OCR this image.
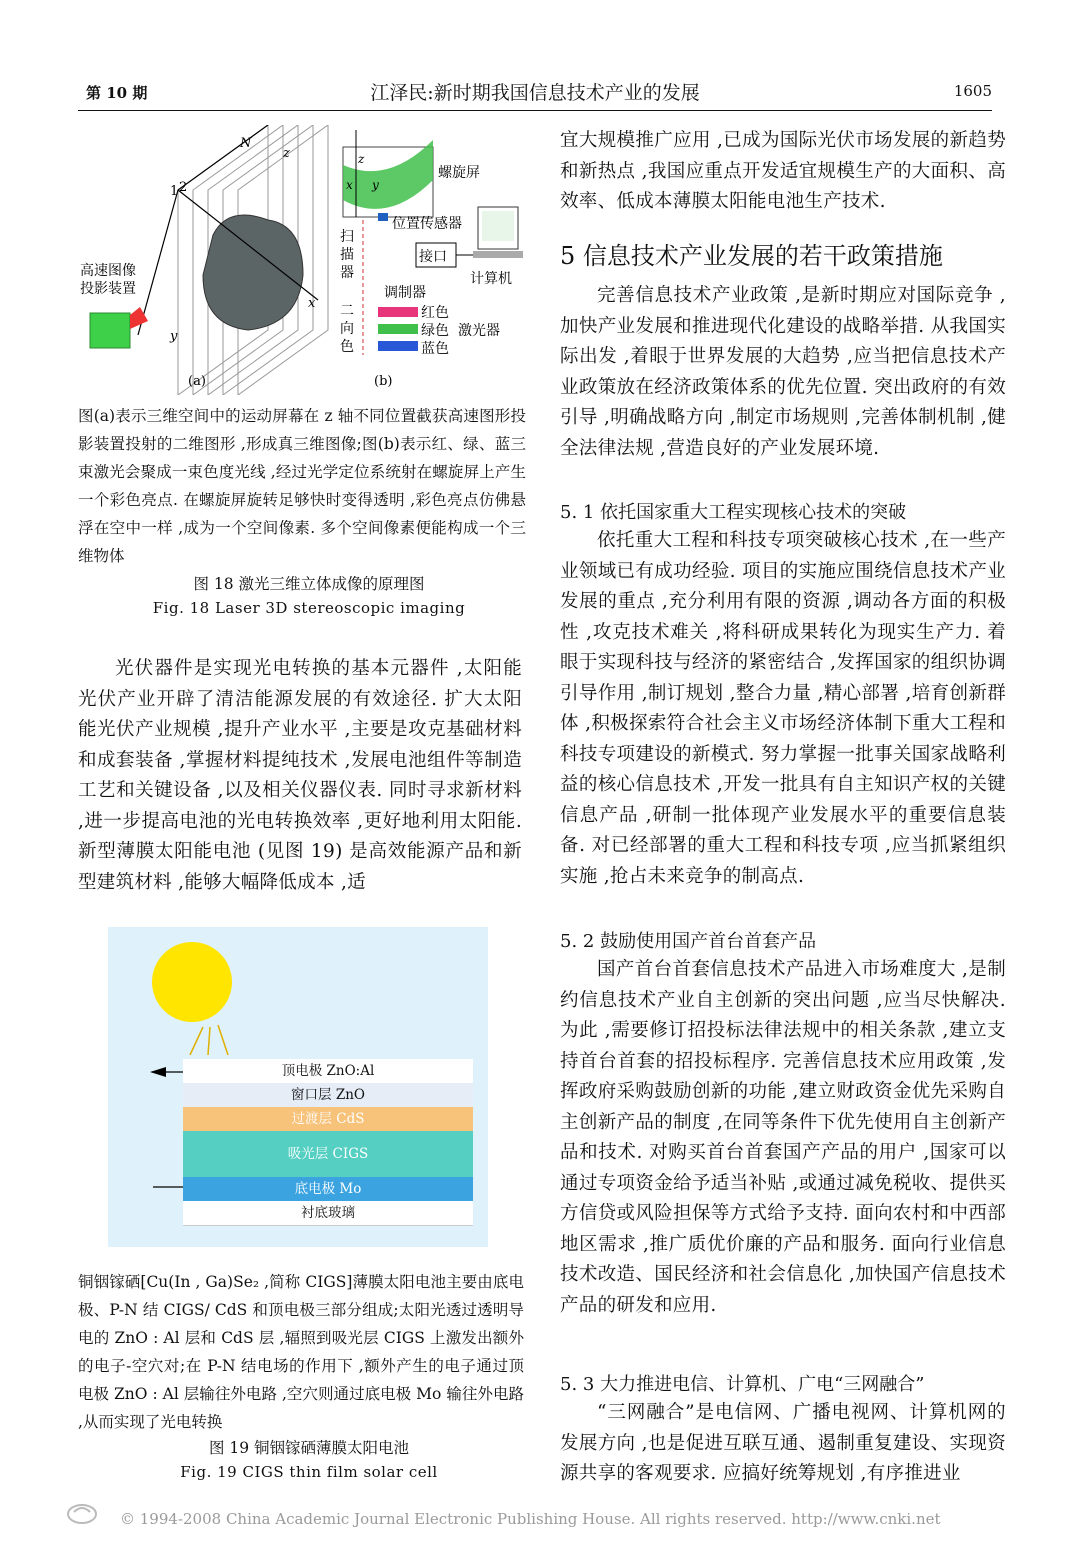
第 10 期	江泽民:新时期我国信息技术产业的发展	1605
N
z
x
y
1 2
高速图像
投影装置
z
x y
螺旋屏
位置传感器
扫
描
器
接口
计算机
调制器
二
向
色
红色
绿色
蓝色
激光器
(a)	(b)
图(a)表示三维空间中的运动屏幕在 z 轴不同位置截获高速图形投影装置投射的二维图形 ,形成真三维图像;图(b)表示红、绿、蓝三束激光会聚成一束色度光线 ,经过光学定位系统射在螺旋屏上产生一个彩色亮点. 在螺旋屏旋转足够快时变得透明 ,彩色亮点仿佛悬浮在空中一样 ,成为一个空间像素. 多个空间像素便能构成一个三维物体
图 18 激光三维立体成像的原理图
Fig. 18 Laser 3D stereoscopic imaging
光伏器件是实现光电转换的基本元器件 ,太阳能光伏产业开辟了清洁能源发展的有效途径. 扩大太阳能光伏产业规模 ,提升产业水平 ,主要是攻克基础材料和成套装备 ,掌握材料提纯技术 ,发展电池组件等制造工艺和关键设备 ,以及相关仪器仪表. 同时寻求新材料 ,进一步提高电池的光电转换效率 ,更好地利用太阳能. 新型薄膜太阳能电池 (见图 19) 是高效能源产品和新型建筑材料 ,能够大幅降低成本 ,适
顶电极 ZnO:Al
窗口层 ZnO
过渡层 CdS
吸光层 CIGS
底电极 Mo
衬底玻璃
铜铟镓硒[Cu(In , Ga)Se₂ ,简称 CIGS]薄膜太阳电池主要由底电极、P-N 结 CIGS/ CdS 和顶电极三部分组成;太阳光透过透明导电的 ZnO : Al 层和 CdS 层 ,辐照到吸光层 CIGS 上激发出额外的电子-空穴对;在 P-N 结电场的作用下 ,额外产生的电子通过顶电极 ZnO : Al 层输往外电路 ,空穴则通过底电极 Mo 输往外电路 ,从而实现了光电转换
图 19 铜铟镓硒薄膜太阳电池
Fig. 19 CIGS thin film solar cell
宜大规模推广应用 ,已成为国际光伏市场发展的新趋势和新热点 ,我国应重点开发适宜规模生产的大面积、高效率、低成本薄膜太阳能电池生产技术.
5 信息技术产业发展的若干政策措施
完善信息技术产业政策 ,是新时期应对国际竞争 ,加快产业发展和推进现代化建设的战略举措. 从我国实际出发 ,着眼于世界发展的大趋势 ,应当把信息技术产业政策放在经济政策体系的优先位置. 突出政府的有效引导 ,明确战略方向 ,制定市场规则 ,完善体制机制 ,健全法律法规 ,营造良好的产业发展环境.
5. 1 依托国家重大工程实现核心技术的突破
依托重大工程和科技专项突破核心技术 ,在一些产业领域已有成功经验. 项目的实施应围绕信息技术产业发展的重点 ,充分利用有限的资源 ,调动各方面的积极性 ,攻克技术难关 ,将科研成果转化为现实生产力. 着眼于实现科技与经济的紧密结合 ,发挥国家的组织协调引导作用 ,制订规划 ,整合力量 ,精心部署 ,培育创新群体 ,积极探索符合社会主义市场经济体制下重大工程和科技专项建设的新模式. 努力掌握一批事关国家战略利益的核心信息技术 ,开发一批具有自主知识产权的关键信息产品 ,研制一批体现产业发展水平的重要信息装备. 对已经部署的重大工程和科技专项 ,应当抓紧组织实施 ,抢占未来竞争的制高点.
5. 2 鼓励使用国产首台首套产品
国产首台首套信息技术产品进入市场难度大 ,是制约信息技术产业自主创新的突出问题 ,应当尽快解决. 为此 ,需要修订招投标法律法规中的相关条款 ,建立支持首台首套的招投标程序. 完善信息技术应用政策 ,发挥政府采购鼓励创新的功能 ,建立财政资金优先采购自主创新产品的制度 ,在同等条件下优先使用自主创新产品和技术. 对购买首台首套国产产品的用户 ,国家可以通过专项资金给予适当补贴 ,或通过减免税收、提供买方信贷或风险担保等方式给予支持. 面向农村和中西部地区需求 ,推广质优价廉的产品和服务. 面向行业信息技术改造、国民经济和社会信息化 ,加快国产信息技术产品的研发和应用.
5. 3 大力推进电信、计算机、广电“三网融合”
“三网融合”是电信网、广播电视网、计算机网的发展方向 ,也是促进互联互通、遏制重复建设、实现资源共享的客观要求. 应搞好统筹规划 ,有序推进业
© 1994-2008 China Academic Journal Electronic Publishing House. All rights reserved. http://www.cnki.net
